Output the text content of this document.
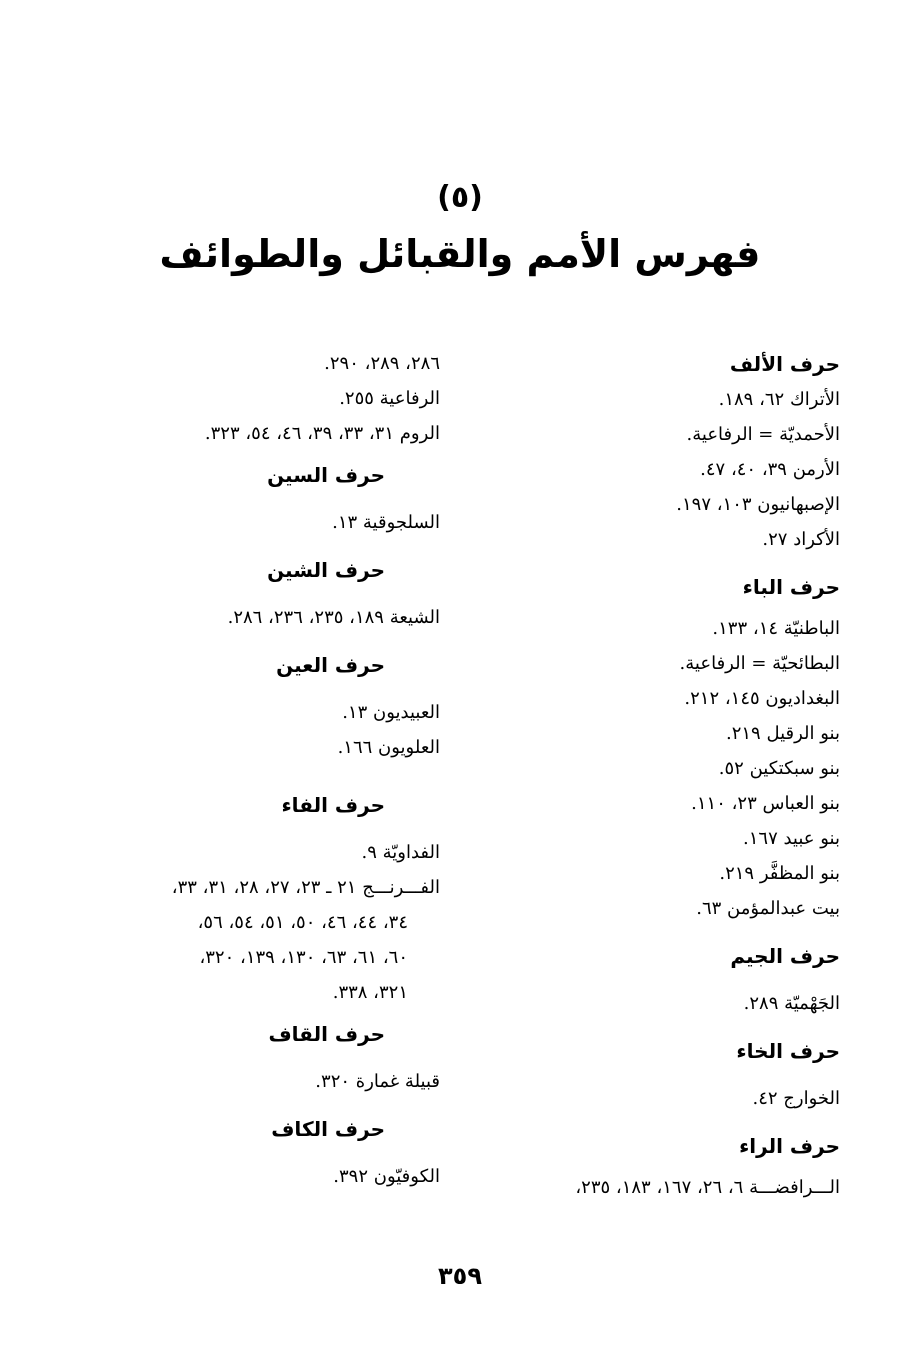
(٥)
فهرس الأمم والقبائل والطوائف
حرف الألف
الأتراك ٦٢، ١٨٩.
الأحمديّة = الرفاعية.
الأرمن ٣٩، ٤٠، ٤٧.
الإصبهانيون ١٠٣، ١٩٧.
الأكراد ٢٧.
حرف الباء
الباطنيّة ١٤، ١٣٣.
البطائحيّة = الرفاعية.
البغداديون ١٤٥، ٢١٢.
بنو الرقيل ٢١٩.
بنو سبكتكين ٥٢.
بنو العباس ٢٣، ١١٠.
بنو عبيد ١٦٧.
بنو المظفَّر ٢١٩.
بيت عبدالمؤمن ٦٣.
حرف الجيم
الجَهْميّة ٢٨٩.
حرف الخاء
الخوارج ٤٢.
حرف الراء
الـــرافضـــة ٦، ٢٦، ١٦٧، ١٨٣، ٢٣٥،
٢٨٦، ٢٨٩، ٢٩٠.
الرفاعية ٢٥٥.
الروم ٣١، ٣٣، ٣٩، ٤٦، ٥٤، ٣٢٣.
حرف السين
السلجوقية ١٣.
حرف الشين
الشيعة ١٨٩، ٢٣٥، ٢٣٦، ٢٨٦.
حرف العين
العبيديون ١٣.
العلويون ١٦٦.
حرف الفاء
الفداويّة ٩.
الفـــرنـــج ٢١ ـ ٢٣، ٢٧، ٢٨، ٣١، ٣٣،
٣٤، ٤٤، ٤٦، ٥٠، ٥١، ٥٤، ٥٦،
٦٠، ٦١، ٦٣، ١٣٠، ١٣٩، ٣٢٠،
٣٢١، ٣٣٨.
حرف القاف
قبيلة غمارة ٣٢٠.
حرف الكاف
الكوفيّون ٣٩٢.
٣٥٩
